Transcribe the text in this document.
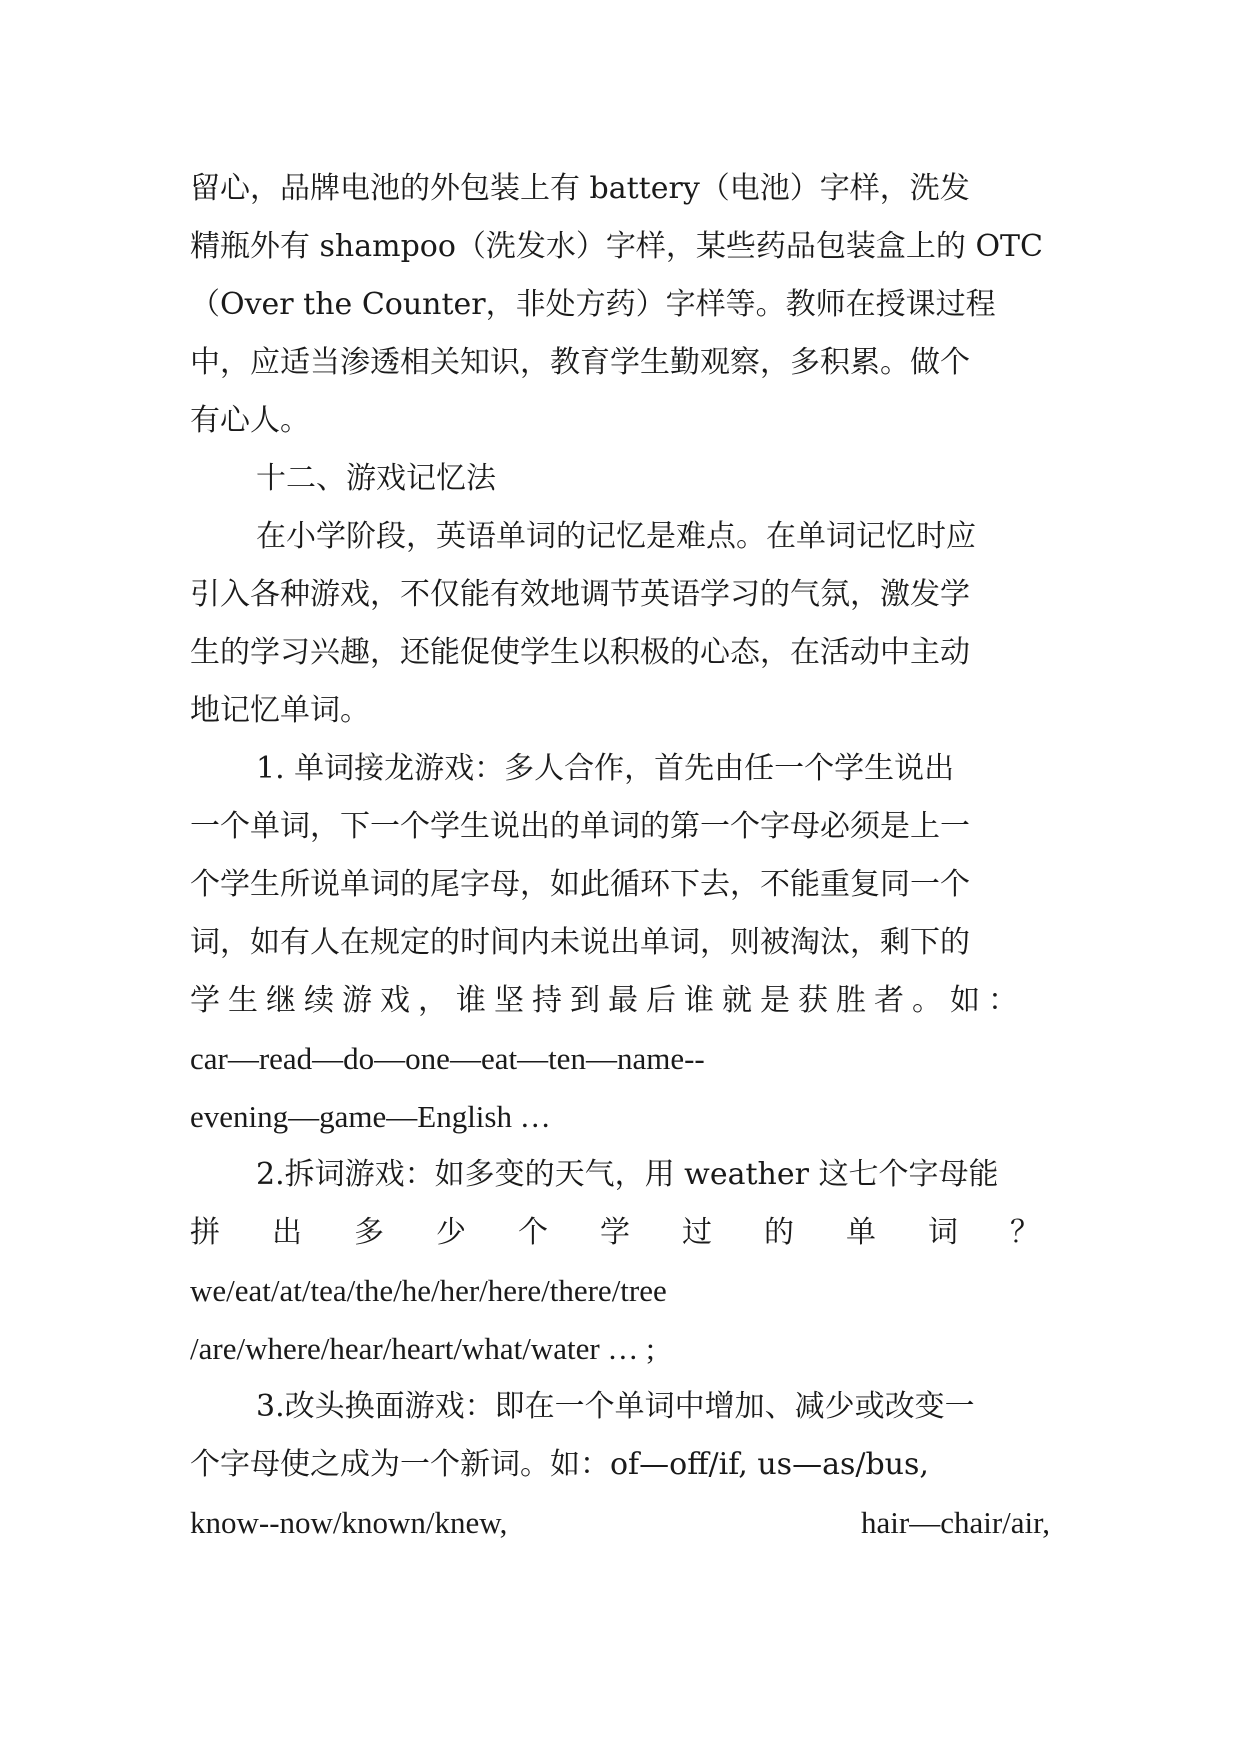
留心，品牌电池的外包装上有 battery（电池）字样，洗发
精瓶外有 shampoo（洗发水）字样，某些药品包装盒上的 OTC
（Over the Counter，非处方药）字样等。教师在授课过程
中，应适当渗透相关知识，教育学生勤观察，多积累。做个
有心人。
十二、游戏记忆法
在小学阶段，英语单词的记忆是难点。在单词记忆时应
引入各种游戏，不仅能有效地调节英语学习的气氛，激发学
生的学习兴趣，还能促使学生以积极的心态，在活动中主动
地记忆单词。
1. 单词接龙游戏：多人合作，首先由任一个学生说出
一个单词，下一个学生说出的单词的第一个字母必须是上一
个学生所说单词的尾字母，如此循环下去，不能重复同一个
词，如有人在规定的时间内未说出单词，则被淘汰，剩下的
学生继续游戏，谁坚持到最后谁就是获胜者。如：
car—read—do—one—eat—ten—name--
evening—game—English …
2.拆词游戏：如多变的天气，用 weather 这七个字母能
拼出多少个学过的单词？
we/eat/at/tea/the/he/her/here/there/tree
/are/where/hear/heart/what/water … ;
3.改头换面游戏：即在一个单词中增加、减少或改变一
个字母使之成为一个新词。如：of—off/if, us—as/bus,
know--now/known/knew,	hair—chair/air,
